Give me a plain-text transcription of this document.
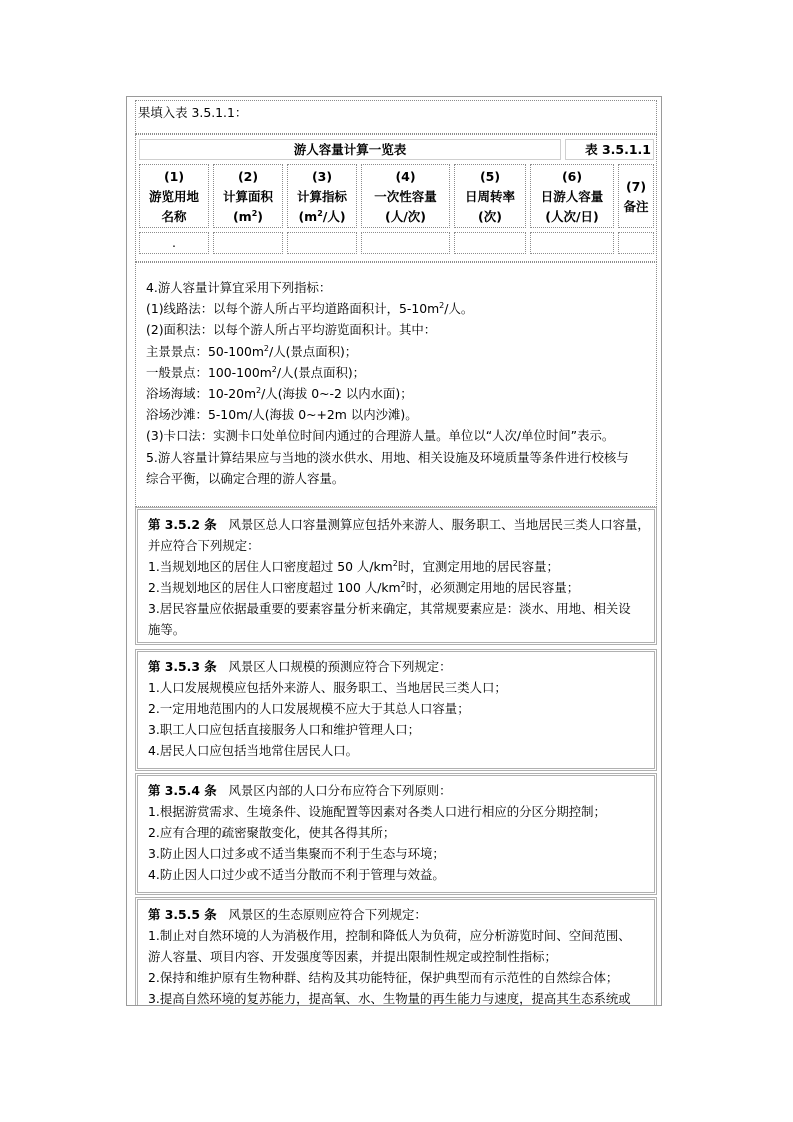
果填入表 3.5.1.1：
游人容量计算一览表	表 3.5.1.1
(1)
游览用地
名称
(2)
计算面积
$(m^2)$
(3)
计算指标
($m^2/$人)
(4)
一次性容量
(人/次)
(5)
日周转率
(次)
(6)
日游人容量
(人次/日)
(7)
备注
.
4.游人容量计算宜采用下列指标：
(1)线路法：以每个游人所占平均道路面积计，$5-10m^2/$人。
(2)面积法：以每个游人所占平均游览面积计。其中：
主景景点：$50-100m^2/$人(景点面积)；
一般景点：$100-100m^2/$人(景点面积)；
浴场海域：$10-20m^2/$人(海拔 0~-2 以内水面)；
浴场沙滩：5-10m/人(海拔 0~+2m 以内沙滩)。
(3)卡口法：实测卡口处单位时间内通过的合理游人量。单位以“人次/单位时间”表示。
5.游人容量计算结果应与当地的淡水供水、用地、相关设施及环境质量等条件进行校核与
综合平衡，以确定合理的游人容量。
第 3.5.2 条 风景区总人口容量测算应包括外来游人、服务职工、当地居民三类人口容量，
并应符合下列规定：
1.当规划地区的居住人口密度超过 50 人$/km^2$时，宜测定用地的居民容量；
2.当规划地区的居住人口密度超过 100 人$/km^2$时，必须测定用地的居民容量；
3.居民容量应依据最重要的要素容量分析来确定，其常规要素应是：淡水、用地、相关设
施等。
第 3.5.3 条 风景区人口规模的预测应符合下列规定：
1.人口发展规模应包括外来游人、服务职工、当地居民三类人口；
2.一定用地范围内的人口发展规模不应大于其总人口容量；
3.职工人口应包括直接服务人口和维护管理人口；
4.居民人口应包括当地常住居民人口。
第 3.5.4 条 风景区内部的人口分布应符合下列原则：
1.根据游赏需求、生境条件、设施配置等因素对各类人口进行相应的分区分期控制；
2.应有合理的疏密聚散变化，使其各得其所；
3.防止因人口过多或不适当集聚而不利于生态与环境；
4.防止因人口过少或不适当分散而不利于管理与效益。
第 3.5.5 条 风景区的生态原则应符合下列规定：
1.制止对自然环境的人为消极作用，控制和降低人为负荷，应分析游览时间、空间范围、
游人容量、项目内容、开发强度等因素，并提出限制性规定或控制性指标；
2.保持和维护原有生物种群、结构及其功能特征，保护典型而有示范性的自然综合体；
3.提高自然环境的复苏能力，提高氧、水、生物量的再生能力与速度，提高其生态系统或
